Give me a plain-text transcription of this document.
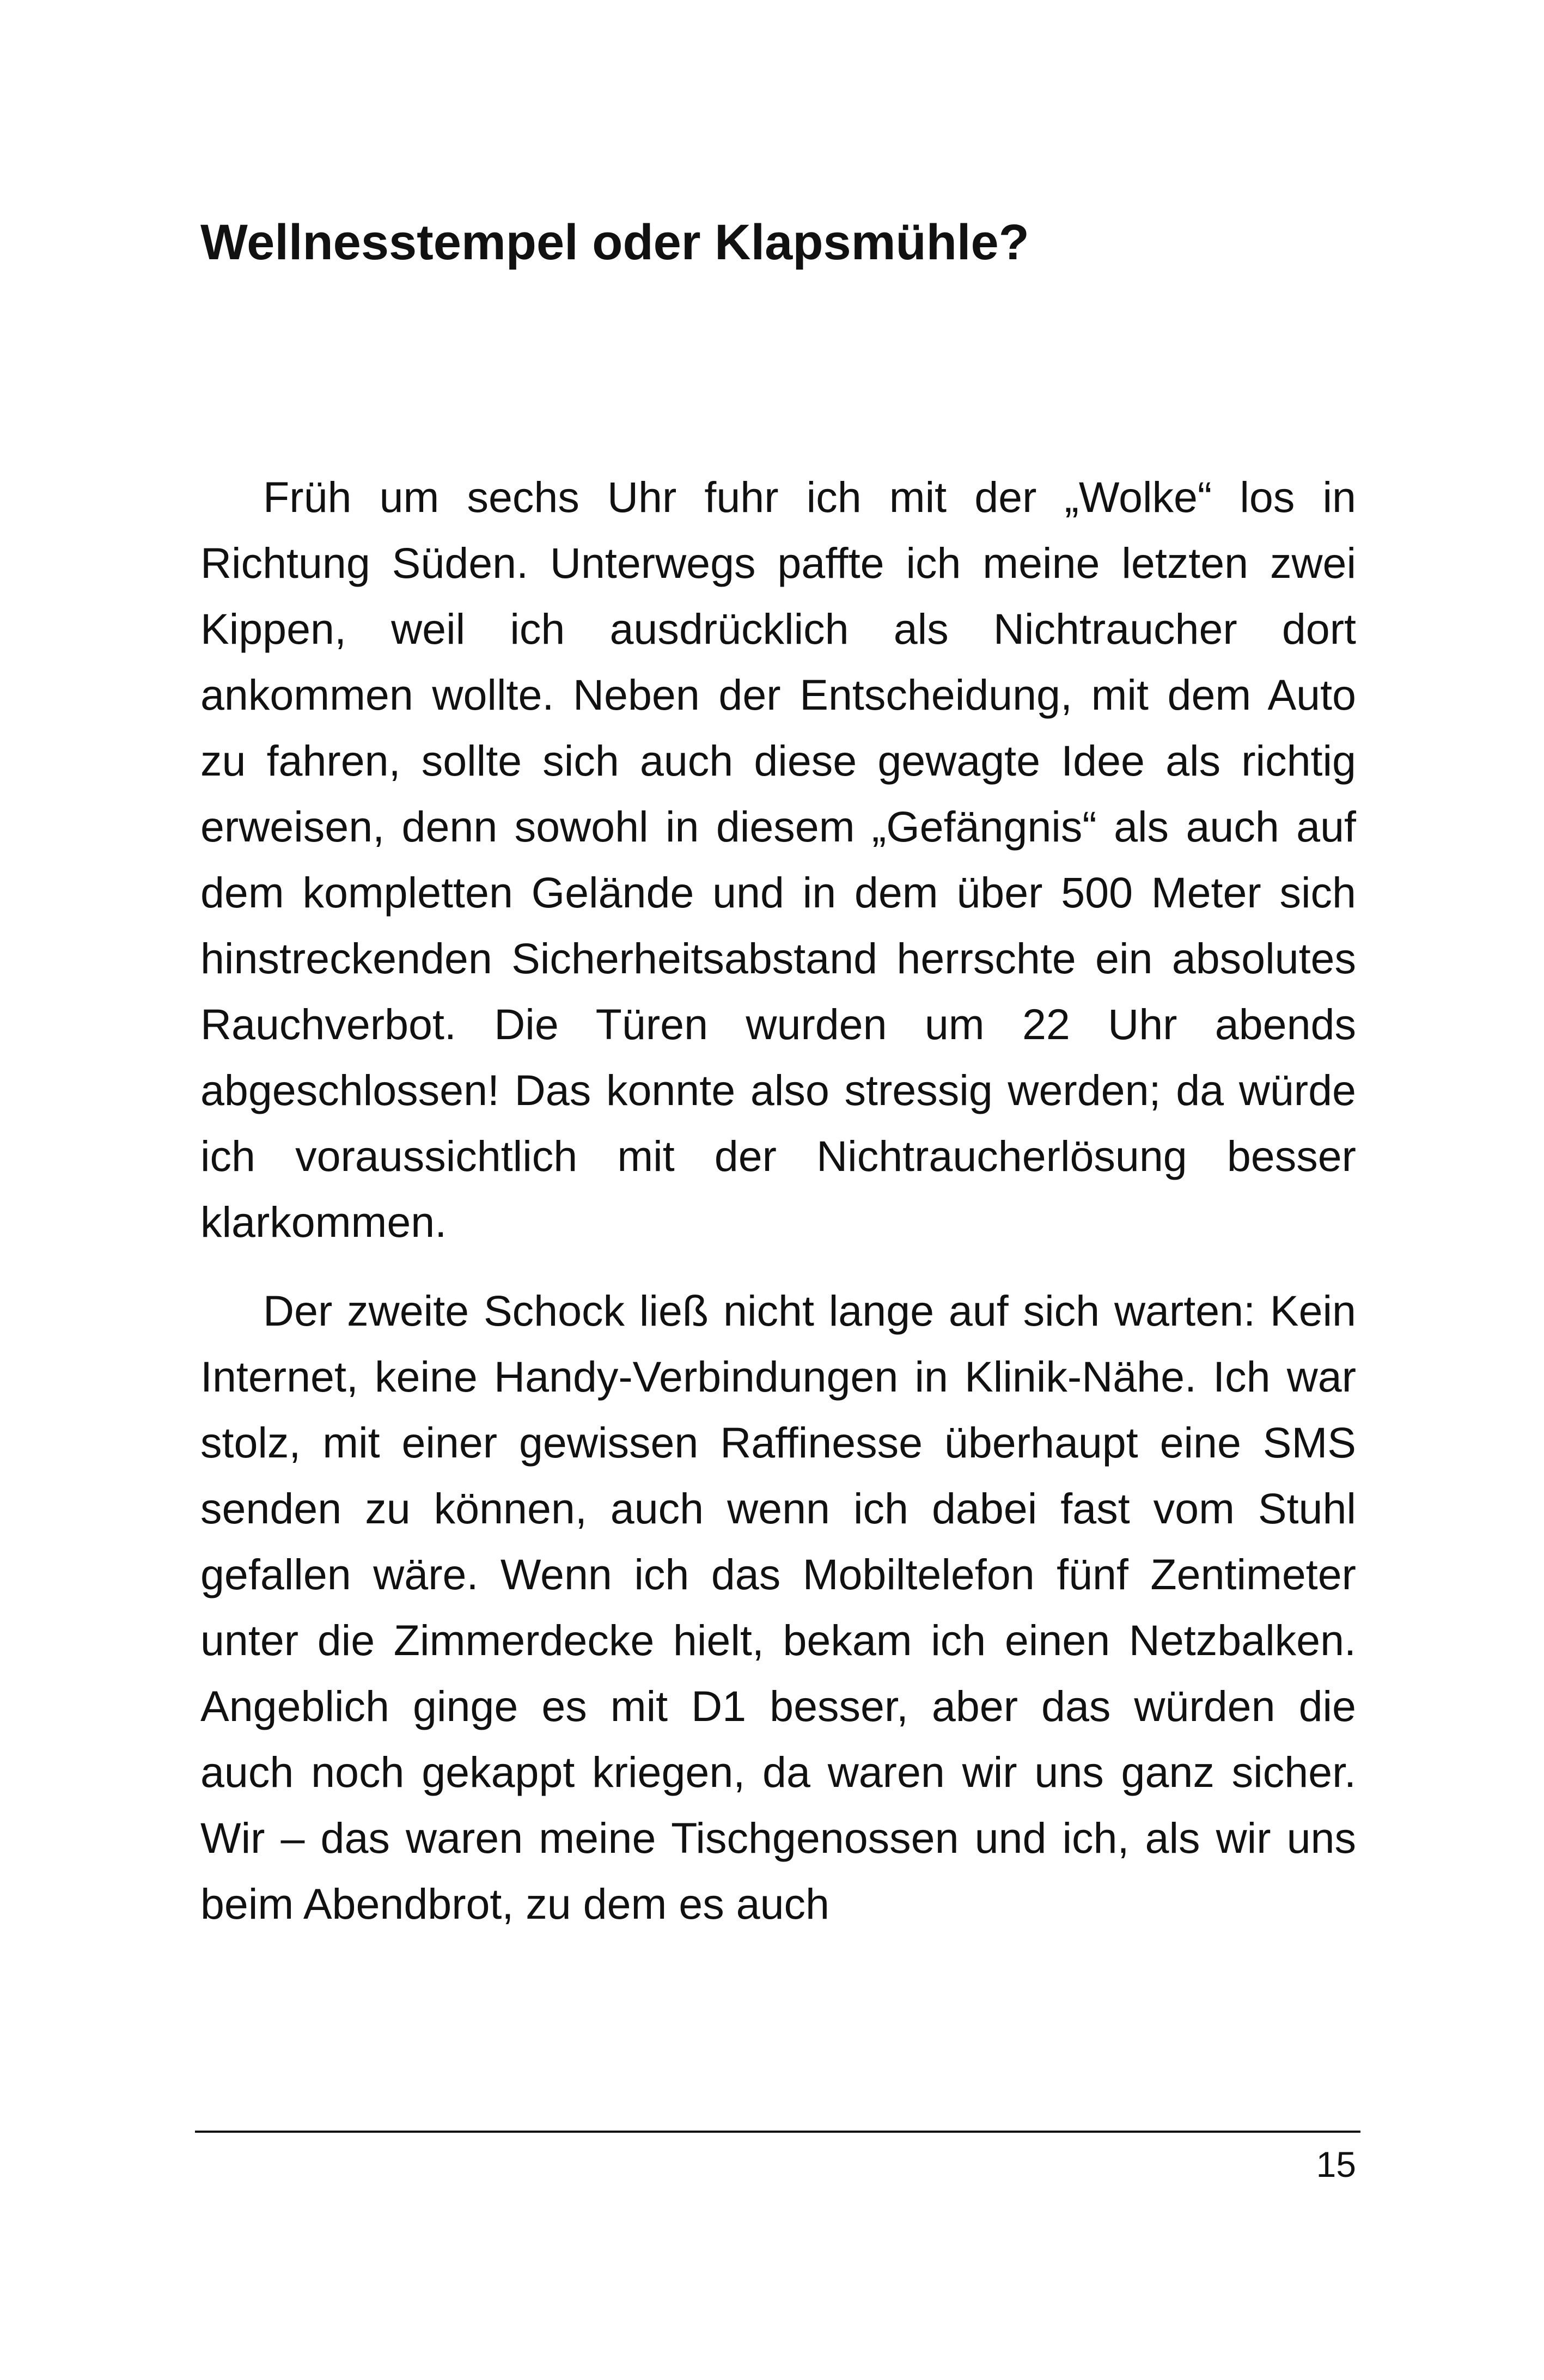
Wellnesstempel oder Klapsmühle?

Früh um sechs Uhr fuhr ich mit der „Wolke“ los in Richtung Süden. Unterwegs paffte ich meine letzten zwei Kippen, weil ich ausdrücklich als Nichtraucher dort ankommen wollte. Neben der Entscheidung, mit dem Auto zu fahren, sollte sich auch diese gewagte Idee als richtig erweisen, denn sowohl in diesem „Gefängnis“ als auch auf dem kompletten Gelände und in dem über 500 Meter sich hinstreckenden Sicherheitsabstand herrschte ein absolutes Rauchverbot. Die Türen wurden um 22 Uhr abends abgeschlossen! Das konnte also stressig werden; da würde ich voraussichtlich mit der Nichtraucherlösung besser klarkommen.

Der zweite Schock ließ nicht lange auf sich warten: Kein Internet, keine Handy-Verbindungen in Klinik-Nähe. Ich war stolz, mit einer gewissen Raffinesse überhaupt eine SMS senden zu können, auch wenn ich dabei fast vom Stuhl gefallen wäre. Wenn ich das Mobiltelefon fünf Zentimeter unter die Zimmerdecke hielt, bekam ich einen Netzbalken. Angeblich ginge es mit D1 besser, aber das würden die auch noch gekappt kriegen, da waren wir uns ganz sicher. Wir – das waren meine Tischgenossen und ich, als wir uns beim Abendbrot, zu dem es auch

15
